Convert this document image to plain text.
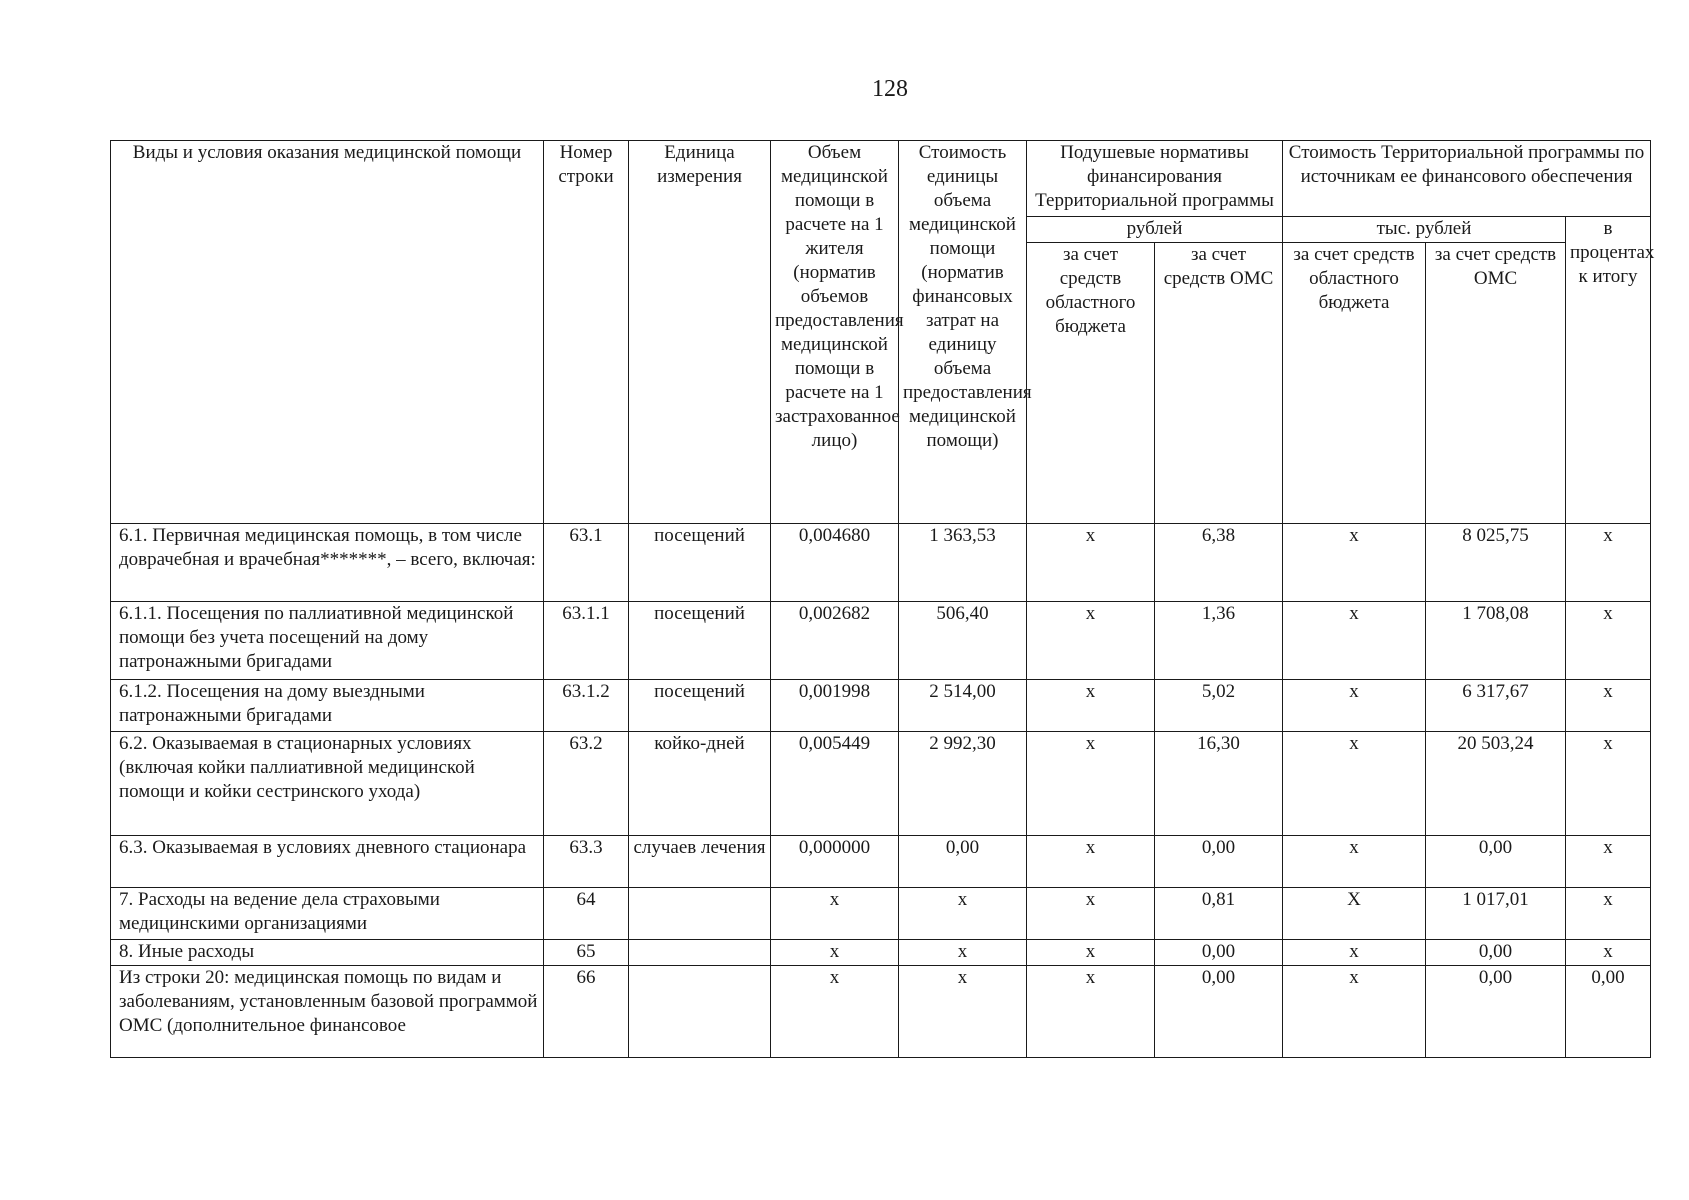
128
Виды и условия оказания медицинской помощи	Номер строки	Единица измерения	Объем медицинской помощи в расчете на 1 жителя (норматив объемов предоставления медицинской помощи в расчете на 1 застрахованное лицо)	Стоимость единицы объема медицинской помощи (норматив финансовых затрат на единицу объема предоставления медицинской помощи)	Подушевые нормативы финансирования Территориальной программы		Стоимость Территориальной программы по источникам ее финансового обеспечения		
					рублей		тыс. рублей		в процентах к итогу
					за счет средств областного бюджета	за счет средств ОМС	за счет средств областного бюджета	за счет средств ОМС	
6.1. Первичная медицинская помощь, в том числе доврачебная и врачебная*******, – всего, включая:	63.1	посещений	0,004680	1 363,53	х	6,38	х	8 025,75	х
6.1.1. Посещения по паллиативной медицинской помощи без учета посещений на дому патронажными бригадами	63.1.1	посещений	0,002682	506,40	х	1,36	х	1 708,08	х
6.1.2. Посещения на дому выездными патронажными бригадами	63.1.2	посещений	0,001998	2 514,00	х	5,02	х	6 317,67	х
6.2. Оказываемая в стационарных условиях (включая койки паллиативной медицинской помощи и койки сестринского ухода)	63.2	койко-дней	0,005449	2 992,30	х	16,30	х	20 503,24	х
6.3. Оказываемая в условиях дневного стационара	63.3	случаев лечения	0,000000	0,00	х	0,00	х	0,00	х
7. Расходы на ведение дела страховыми медицинскими организациями	64		х	х	х	0,81	Х	1 017,01	х
8. Иные расходы	65		х	х	х	0,00	х	0,00	х
Из строки 20: медицинская помощь по видам и заболеваниям, установленным базовой программой ОМС (дополнительное финансовое	66		х	х	х	0,00	х	0,00	0,00
